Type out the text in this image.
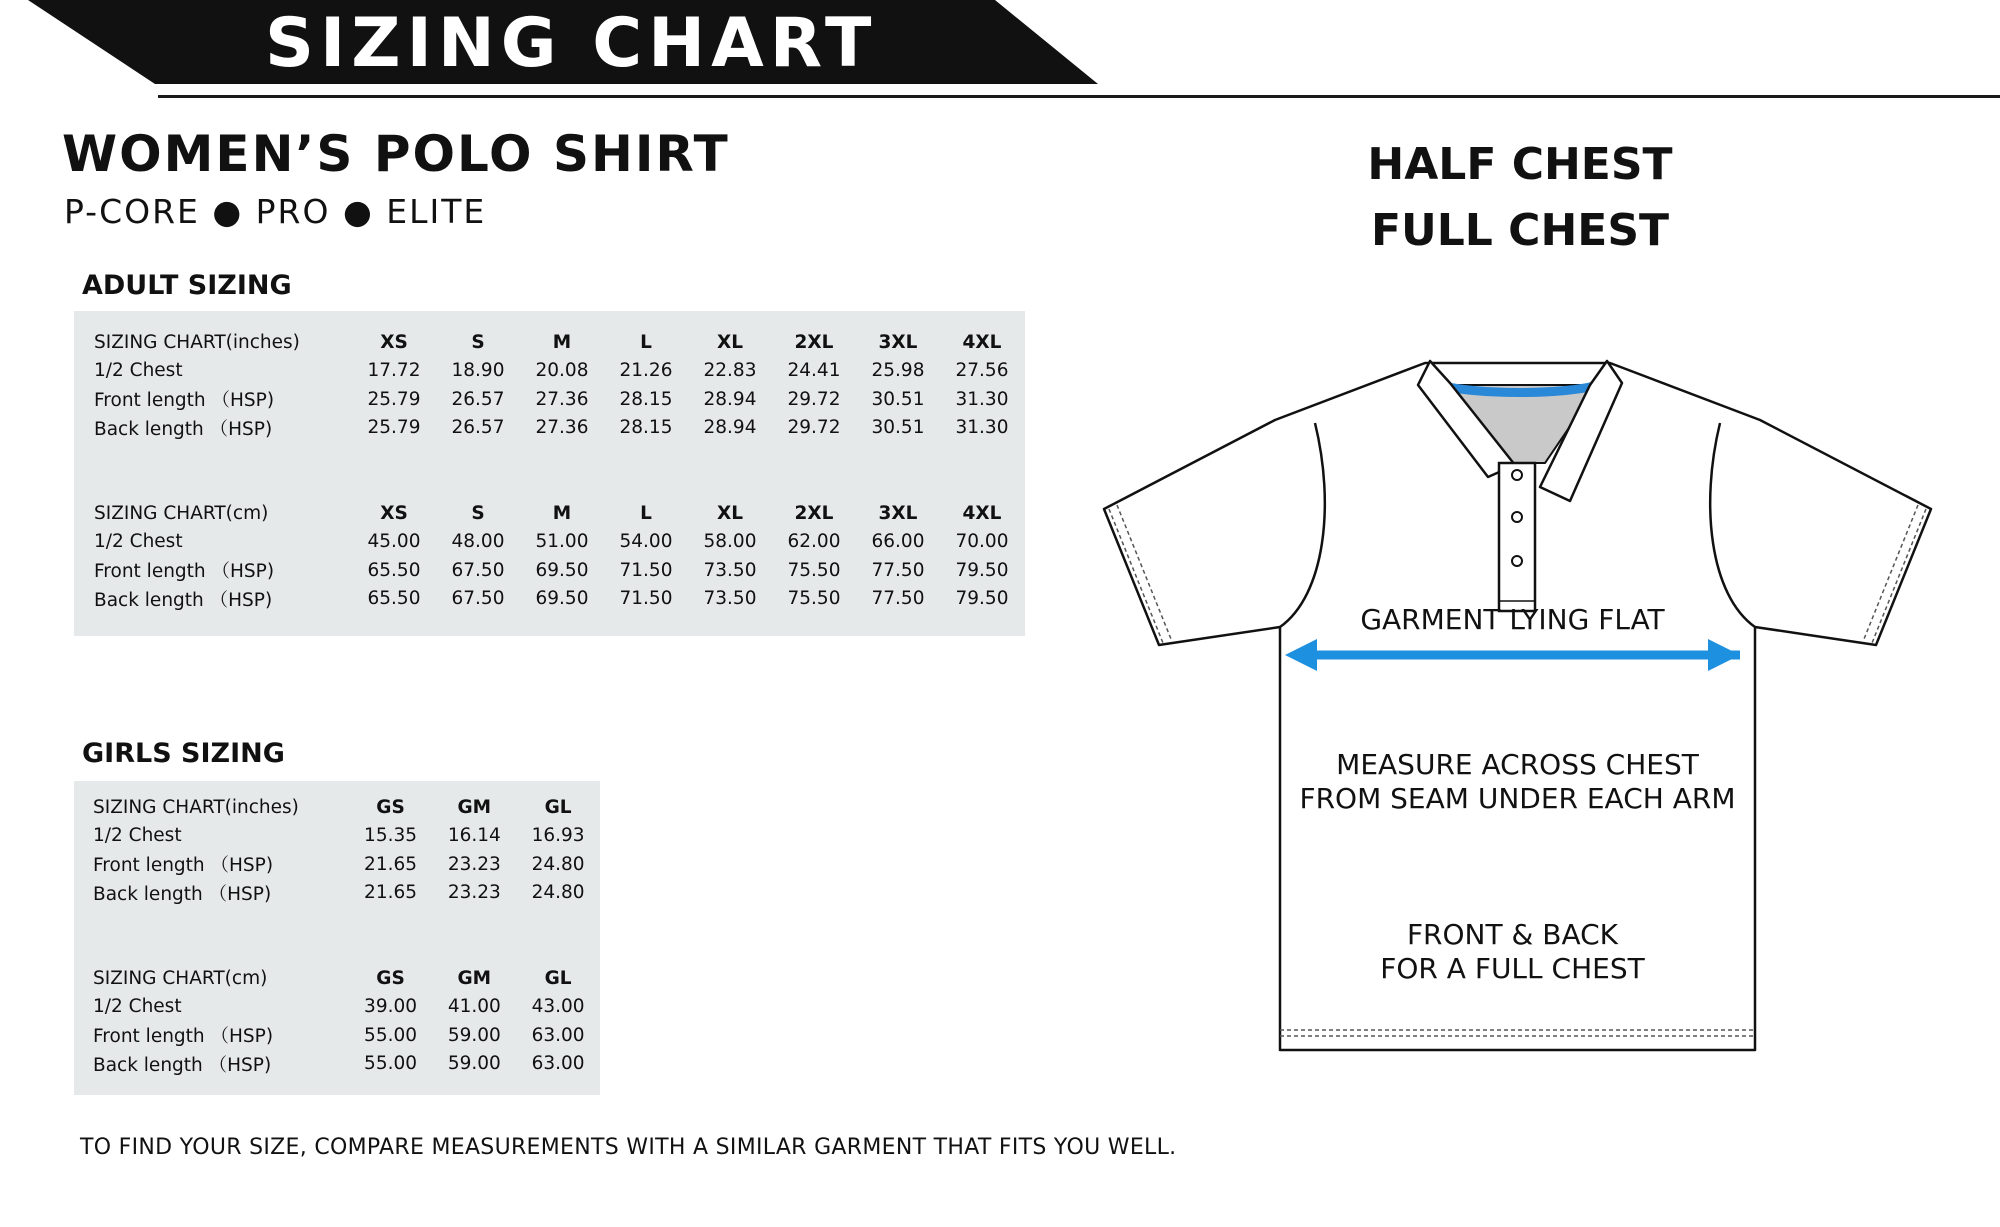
SIZING CHART
WOMEN’S POLO SHIRT
P-CORE ● PRO ● ELITE
ADULT SIZING
SIZING CHART(inches)	XS	S	M	L	XL	2XL	3XL	4XL
1/2 Chest	17.72	18.90	20.08	21.26	22.83	24.41	25.98	27.56
Front length （HSP)	25.79	26.57	27.36	28.15	28.94	29.72	30.51	31.30
Back length （HSP)	25.79	26.57	27.36	28.15	28.94	29.72	30.51	31.30

SIZING CHART(cm)	XS	S	M	L	XL	2XL	3XL	4XL
1/2 Chest	45.00	48.00	51.00	54.00	58.00	62.00	66.00	70.00
Front length （HSP)	65.50	67.50	69.50	71.50	73.50	75.50	77.50	79.50
Back length （HSP)	65.50	67.50	69.50	71.50	73.50	75.50	77.50	79.50
GIRLS SIZING
SIZING CHART(inches)	GS	GM	GL
1/2 Chest	15.35	16.14	16.93
Front length （HSP)	21.65	23.23	24.80
Back length （HSP)	21.65	23.23	24.80

SIZING CHART(cm)	GS	GM	GL
1/2 Chest	39.00	41.00	43.00
Front length （HSP)	55.00	59.00	63.00
Back length （HSP)	55.00	59.00	63.00
HALF CHEST
FULL CHEST
GARMENT LYING FLAT
MEASURE ACROSS CHEST
FROM SEAM UNDER EACH ARM
FRONT & BACK
FOR A FULL CHEST
TO FIND YOUR SIZE, COMPARE MEASUREMENTS WITH A SIMILAR GARMENT THAT FITS YOU WELL.
